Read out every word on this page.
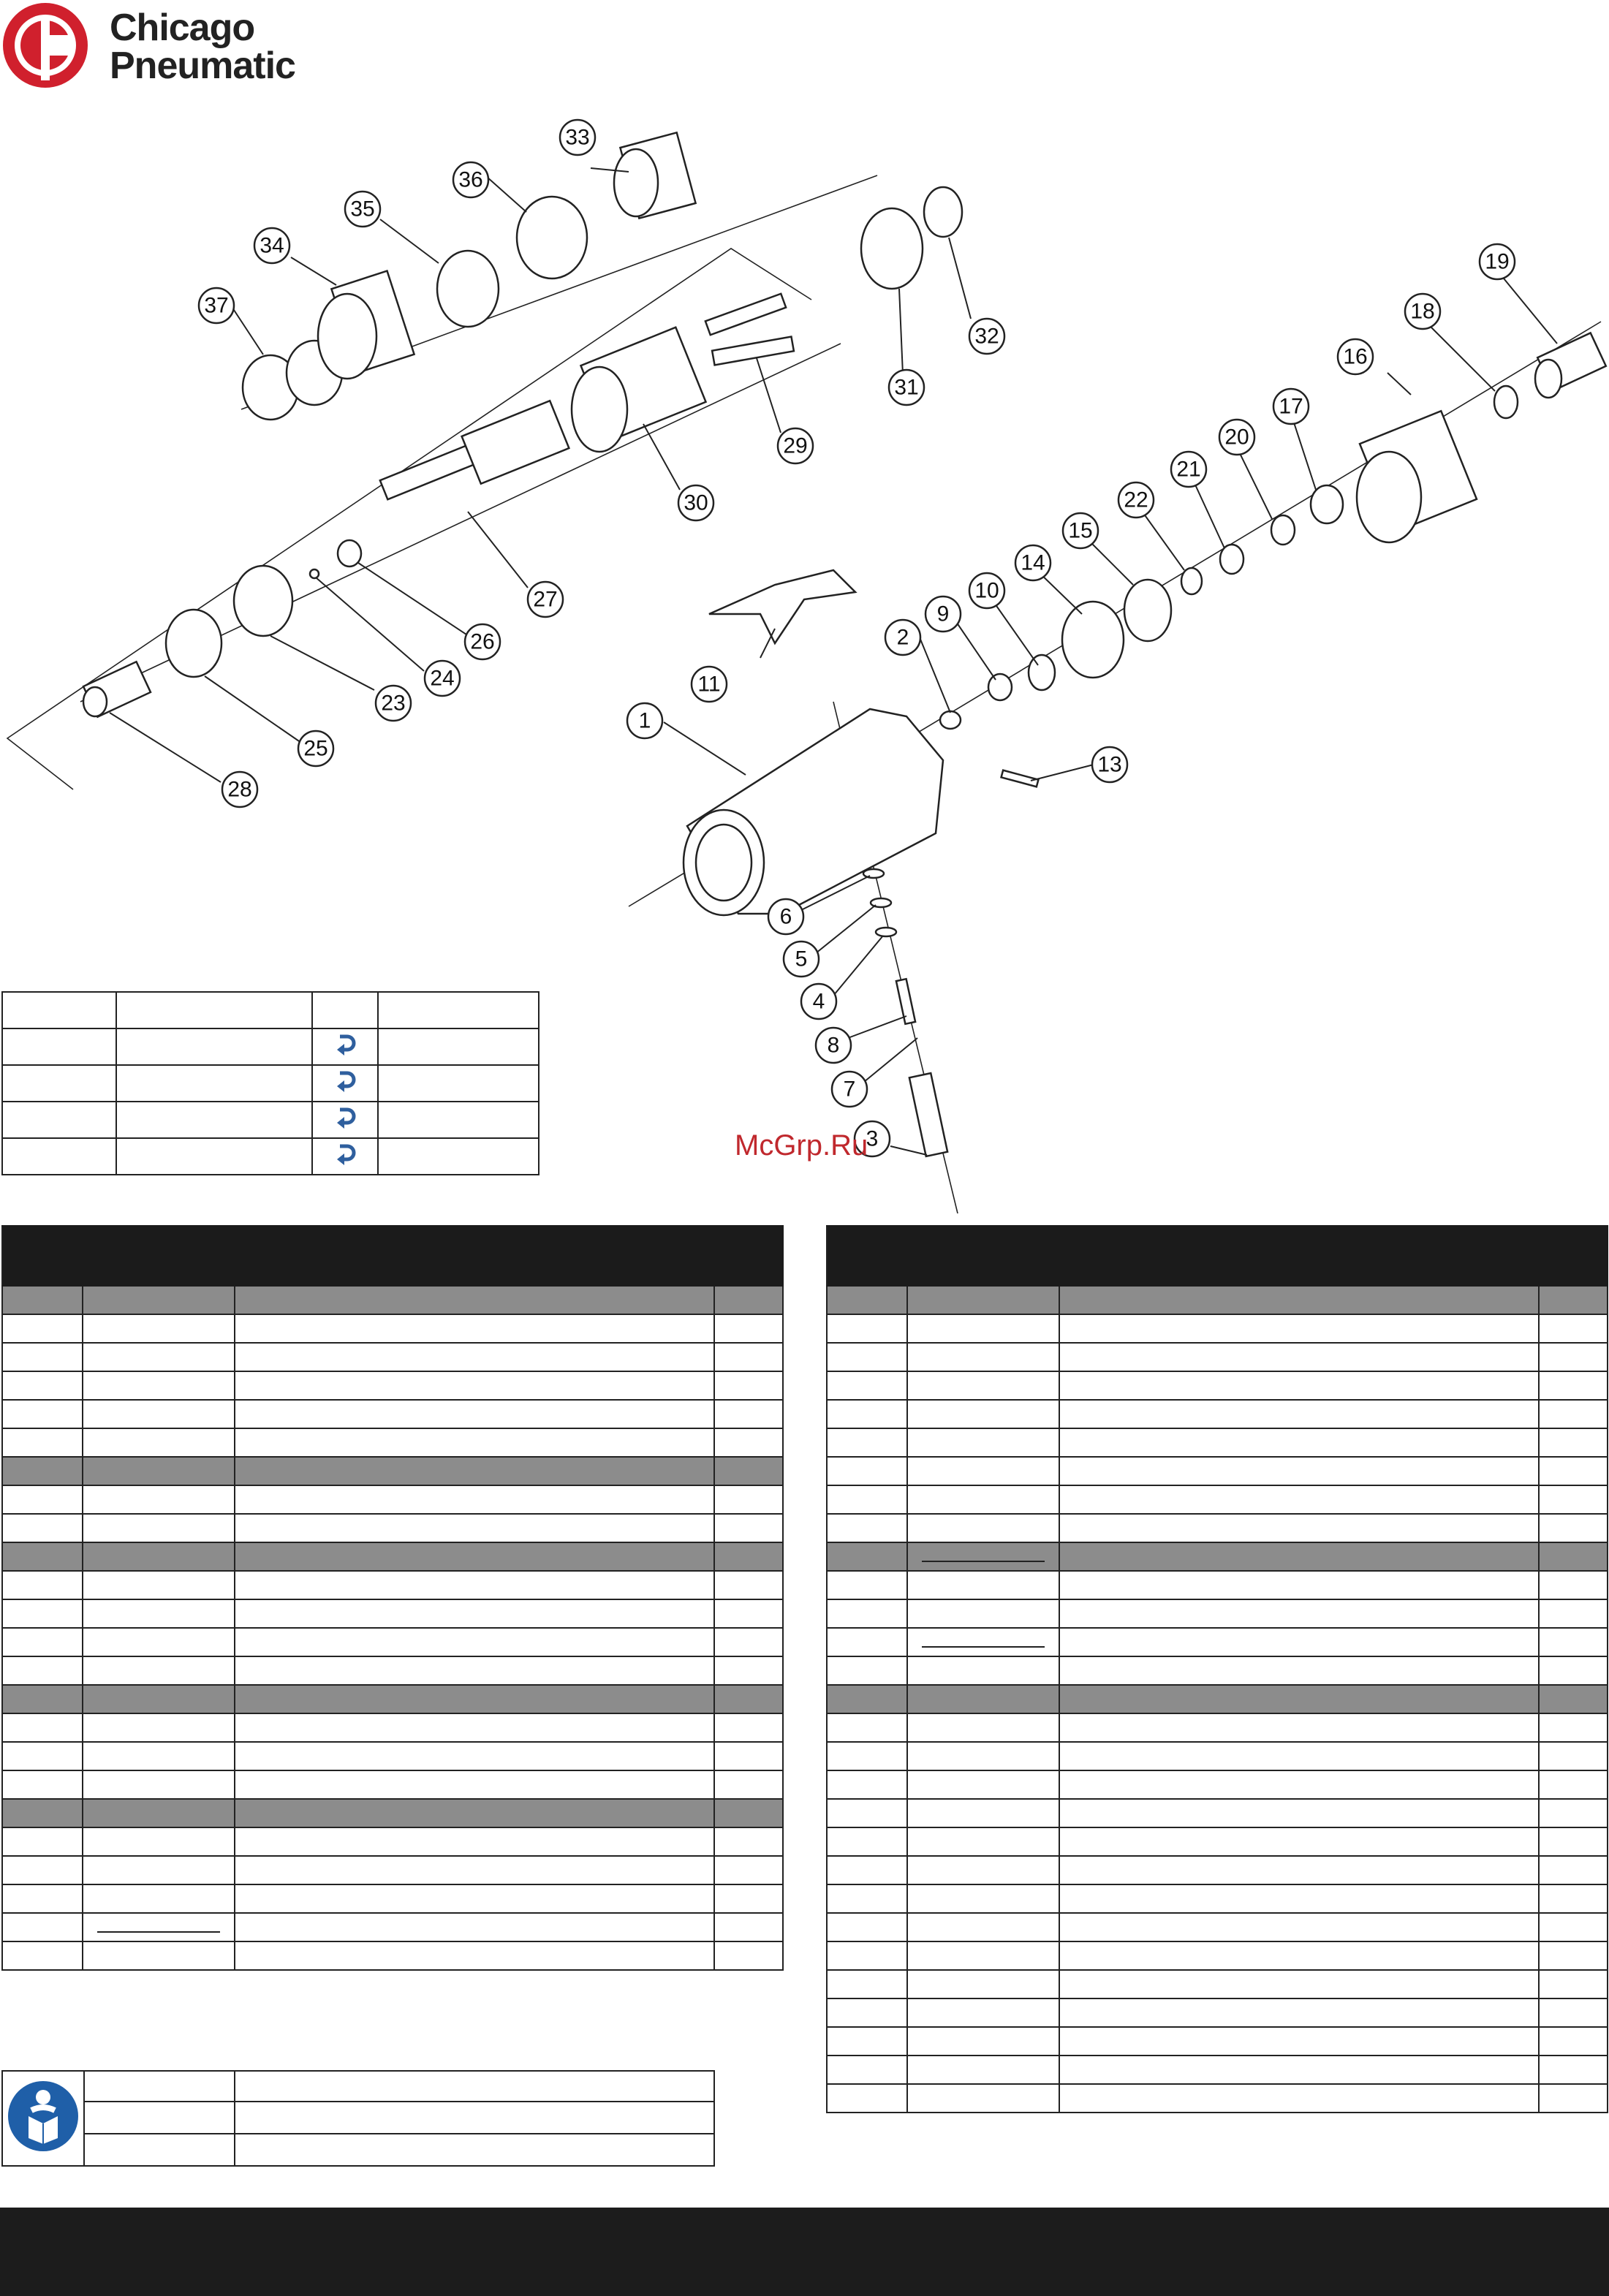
Chicago
Pneumatic
1
2
3
4
5
6
7
8
9
10
11
13
14
15
16
17
18
19
20
21
22
23
24
25
26
27
28
29
30
31
32
33
34
35
36
37
McGrp.Ru
